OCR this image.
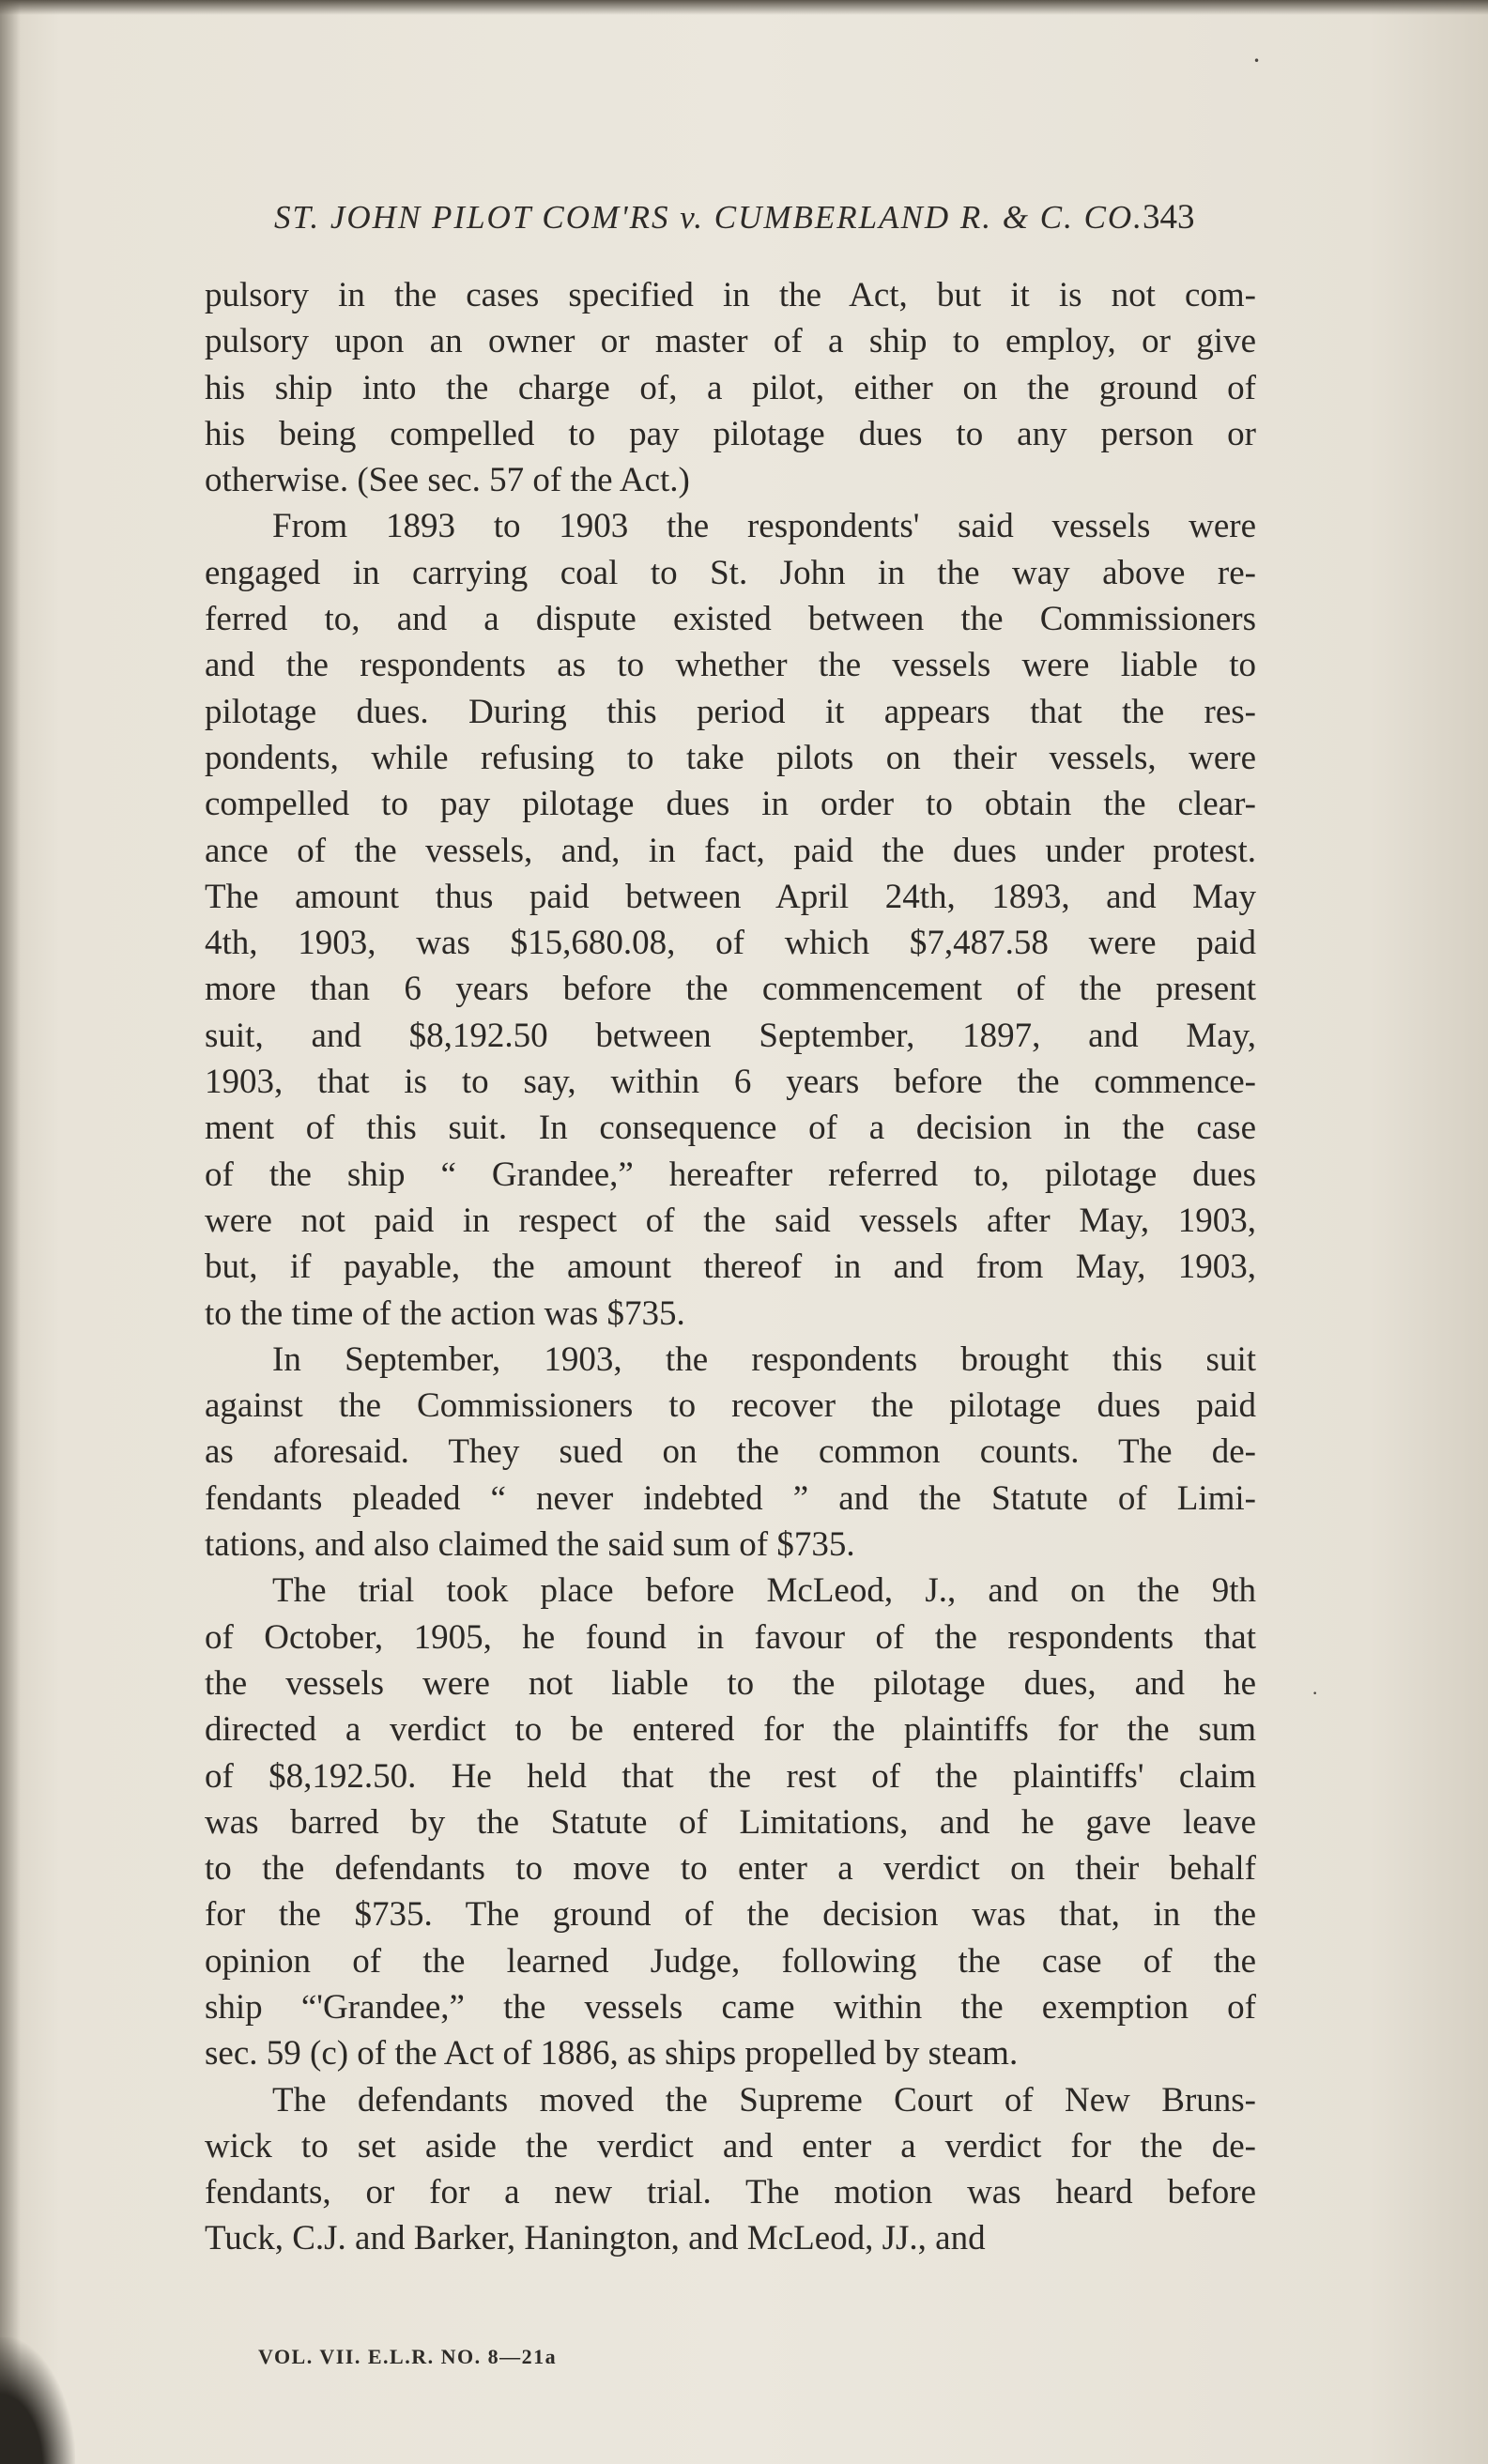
•
•
ST. JOHN PILOT COM'RS v. CUMBERLAND R. & C. CO. 343
pulsory in the cases specified in the Act, but it is not com-
pulsory upon an owner or master of a ship to employ, or give
his ship into the charge of, a pilot, either on the ground of
his being compelled to pay pilotage dues to any person or
otherwise. (See sec. 57 of the Act.)
From 1893 to 1903 the respondents' said vessels were
engaged in carrying coal to St. John in the way above re-
ferred to, and a dispute existed between the Commissioners
and the respondents as to whether the vessels were liable to
pilotage dues. During this period it appears that the res-
pondents, while refusing to take pilots on their vessels, were
compelled to pay pilotage dues in order to obtain the clear-
ance of the vessels, and, in fact, paid the dues under protest.
The amount thus paid between April 24th, 1893, and May
4th, 1903, was $15,680.08, of which $7,487.58 were paid
more than 6 years before the commencement of the present
suit, and $8,192.50 between September, 1897, and May,
1903, that is to say, within 6 years before the commence-
ment of this suit. In consequence of a decision in the case
of the ship “ Grandee,” hereafter referred to, pilotage dues
were not paid in respect of the said vessels after May, 1903,
but, if payable, the amount thereof in and from May, 1903,
to the time of the action was $735.
In September, 1903, the respondents brought this suit
against the Commissioners to recover the pilotage dues paid
as aforesaid. They sued on the common counts. The de-
fendants pleaded “ never indebted ” and the Statute of Limi-
tations, and also claimed the said sum of $735.
The trial took place before McLeod, J., and on the 9th
of October, 1905, he found in favour of the respondents that
the vessels were not liable to the pilotage dues, and he
directed a verdict to be entered for the plaintiffs for the sum
of $8,192.50. He held that the rest of the plaintiffs' claim
was barred by the Statute of Limitations, and he gave leave
to the defendants to move to enter a verdict on their behalf
for the $735. The ground of the decision was that, in the
opinion of the learned Judge, following the case of the
ship “'Grandee,” the vessels came within the exemption of
sec. 59 (c) of the Act of 1886, as ships propelled by steam.
The defendants moved the Supreme Court of New Bruns-
wick to set aside the verdict and enter a verdict for the de-
fendants, or for a new trial. The motion was heard before
Tuck, C.J. and Barker, Hanington, and McLeod, JJ., and
VOL. VII. E.L.R. NO. 8—21a
